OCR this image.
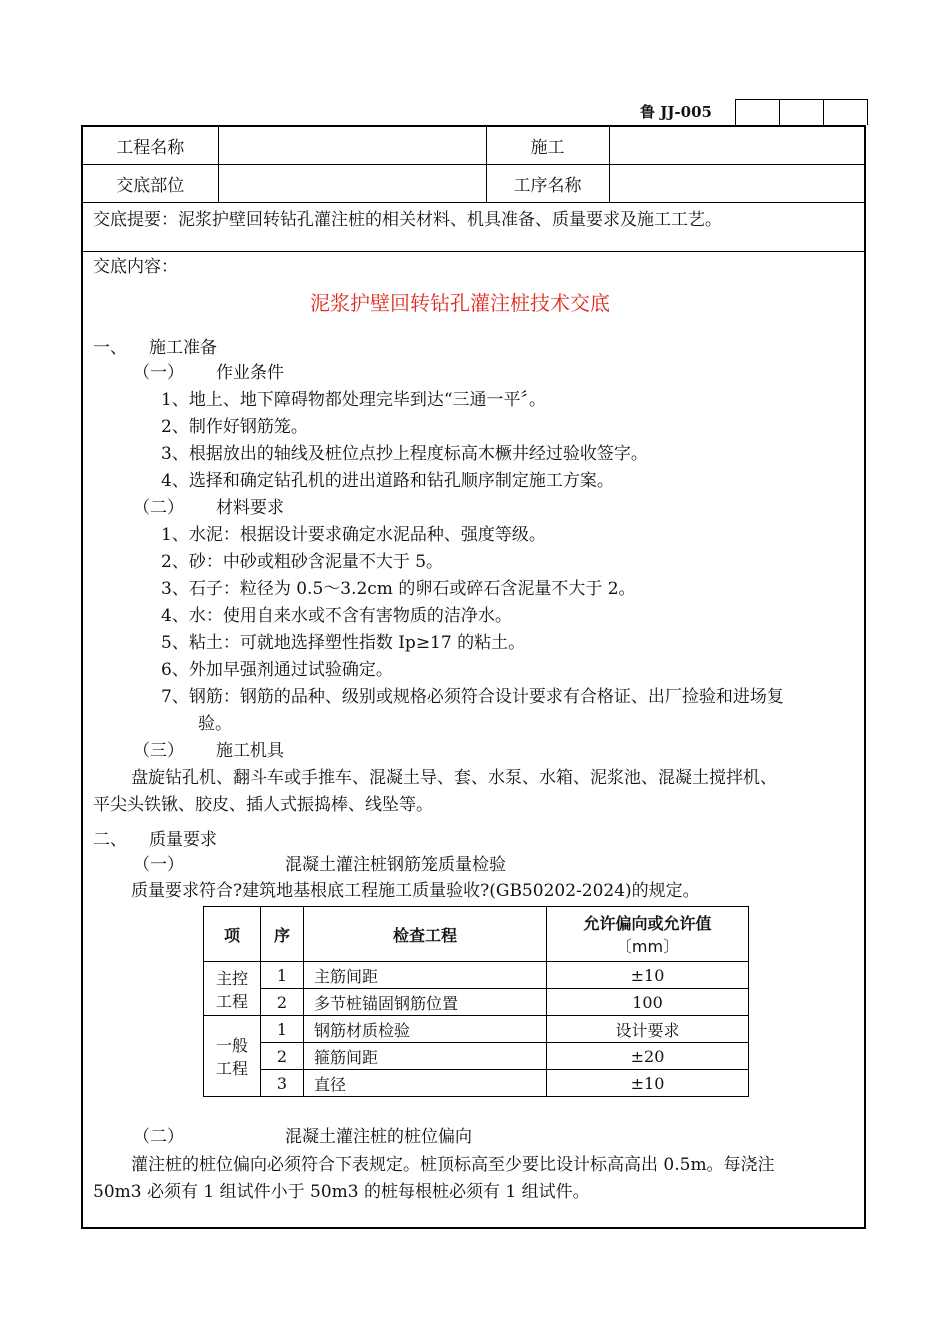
鲁 JJ-005
工程名称		施工	
交底部位		工序名称	
交底提要：泥浆护壁回转钻孔灌注桩的相关材料、机具准备、质量要求及施工工艺。
交底内容：
泥浆护壁回转钻孔灌注桩技术交底
一、 施工准备
（一） 作业条件
1、地上、地下障碍物都处理完毕到达“三通一平〞。
2、制作好钢筋笼。
3、根据放出的轴线及桩位点抄上程度标高木橛井经过验收签字。
4、选择和确定钻孔机的进出道路和钻孔顺序制定施工方案。
（二） 材料要求
1、水泥：根据设计要求确定水泥品种、强度等级。
2、砂：中砂或粗砂含泥量不大于 5。
3、石子：粒径为 0.5～3.2cm 的卵石或碎石含泥量不大于 2。
4、水：使用自来水或不含有害物质的洁净水。
5、粘土：可就地选择塑性指数 Ip≥17 的粘土。
6、外加早强剂通过试验确定。
7、钢筋：钢筋的品种、级别或规格必须符合设计要求有合格证、出厂捡验和进场复
验。
（三） 施工机具
盘旋钻孔机、翻斗车或手推车、混凝土导、套、水泵、水箱、泥浆池、混凝土搅拌机、
平尖头铁锹、胶皮、插人式振捣棒、线坠等。
二、 质量要求
（一）	混凝土灌注桩钢筋笼质量检验
质量要求符合?建筑地基根底工程施工质量验收?(GB50202-2024)的规定。
项	序	检查工程	允许偏向或允许值
〔mm〕

主控
工程	1	主筋间距	±10
	2	多节桩锚固钢筋位置	100

一般
工程	1	钢筋材质检验	设计要求
	2	箍筋间距	±20
	3	直径	±10
（二）	混凝土灌注桩的桩位偏向
灌注桩的桩位偏向必须符合下表规定。桩顶标高至少要比设计标高高出 0.5m。每浇注
50m3 必须有 1 组试件小于 50m3 的桩每根桩必须有 1 组试件。
